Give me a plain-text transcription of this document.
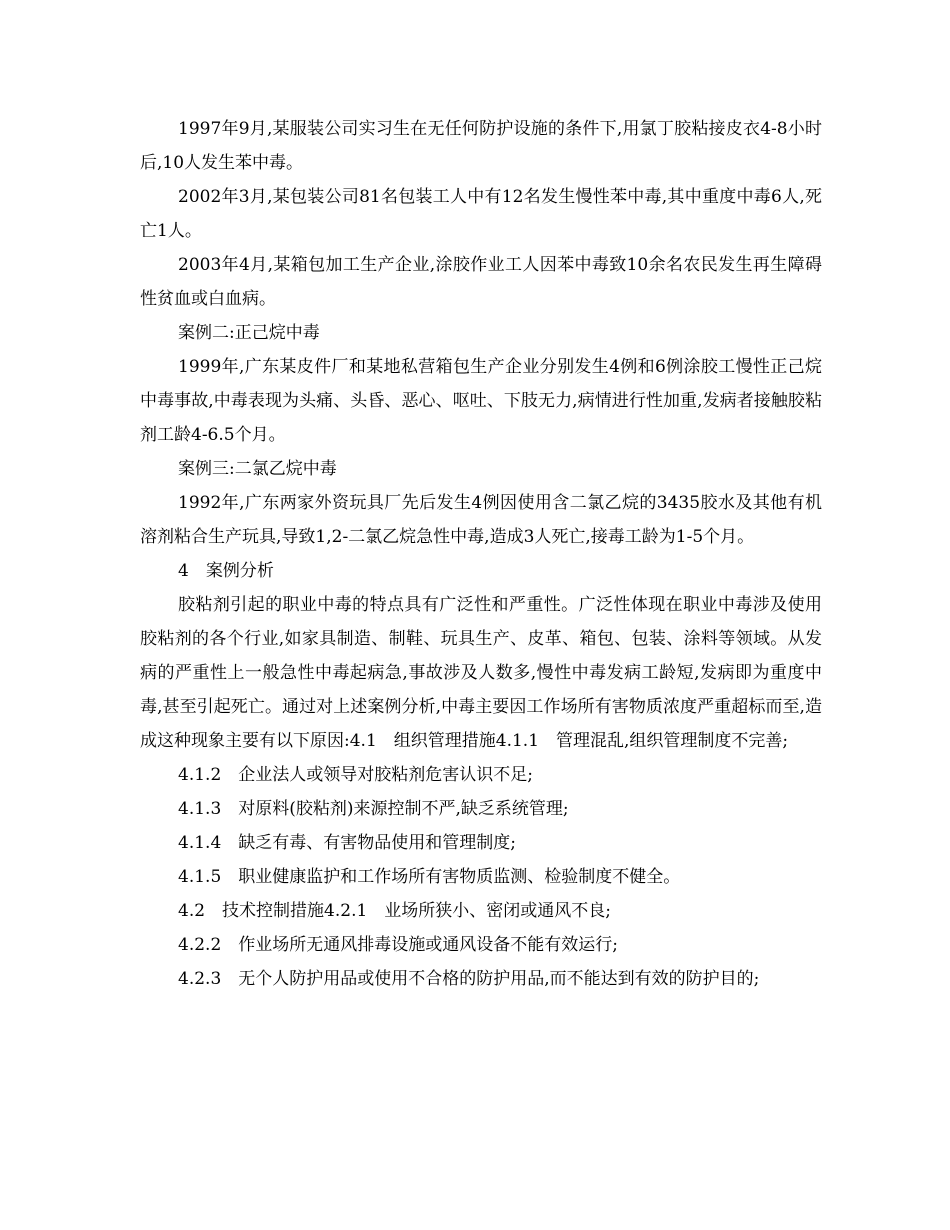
1997年9月,某服装公司实习生在无任何防护设施的条件下,用氯丁胶粘接皮衣4-8小时后,10人发生苯中毒。

2002年3月,某包装公司81名包装工人中有12名发生慢性苯中毒,其中重度中毒6人,死亡1人。

2003年4月,某箱包加工生产企业,涂胶作业工人因苯中毒致10余名农民发生再生障碍性贫血或白血病。

案例二:正己烷中毒

1999年,广东某皮件厂和某地私营箱包生产企业分别发生4例和6例涂胶工慢性正己烷中毒事故,中毒表现为头痛、头昏、恶心、呕吐、下肢无力,病情进行性加重,发病者接触胶粘剂工龄4-6.5个月。

案例三:二氯乙烷中毒

1992年,广东两家外资玩具厂先后发生4例因使用含二氯乙烷的3435胶水及其他有机溶剂粘合生产玩具,导致1,2-二氯乙烷急性中毒,造成3人死亡,接毒工龄为1-5个月。

4　案例分析

胶粘剂引起的职业中毒的特点具有广泛性和严重性。广泛性体现在职业中毒涉及使用胶粘剂的各个行业,如家具制造、制鞋、玩具生产、皮革、箱包、包装、涂料等领域。从发病的严重性上一般急性中毒起病急,事故涉及人数多,慢性中毒发病工龄短,发病即为重度中毒,甚至引起死亡。通过对上述案例分析,中毒主要因工作场所有害物质浓度严重超标而至,造成这种现象主要有以下原因:4.1　组织管理措施4.1.1　管理混乱,组织管理制度不完善;

4.1.2　企业法人或领导对胶粘剂危害认识不足;

4.1.3　对原料(胶粘剂)来源控制不严,缺乏系统管理;

4.1.4　缺乏有毒、有害物品使用和管理制度;

4.1.5　职业健康监护和工作场所有害物质监测、检验制度不健全。

4.2　技术控制措施4.2.1　业场所狭小、密闭或通风不良;

4.2.2　作业场所无通风排毒设施或通风设备不能有效运行;

4.2.3　无个人防护用品或使用不合格的防护用品,而不能达到有效的防护目的;
